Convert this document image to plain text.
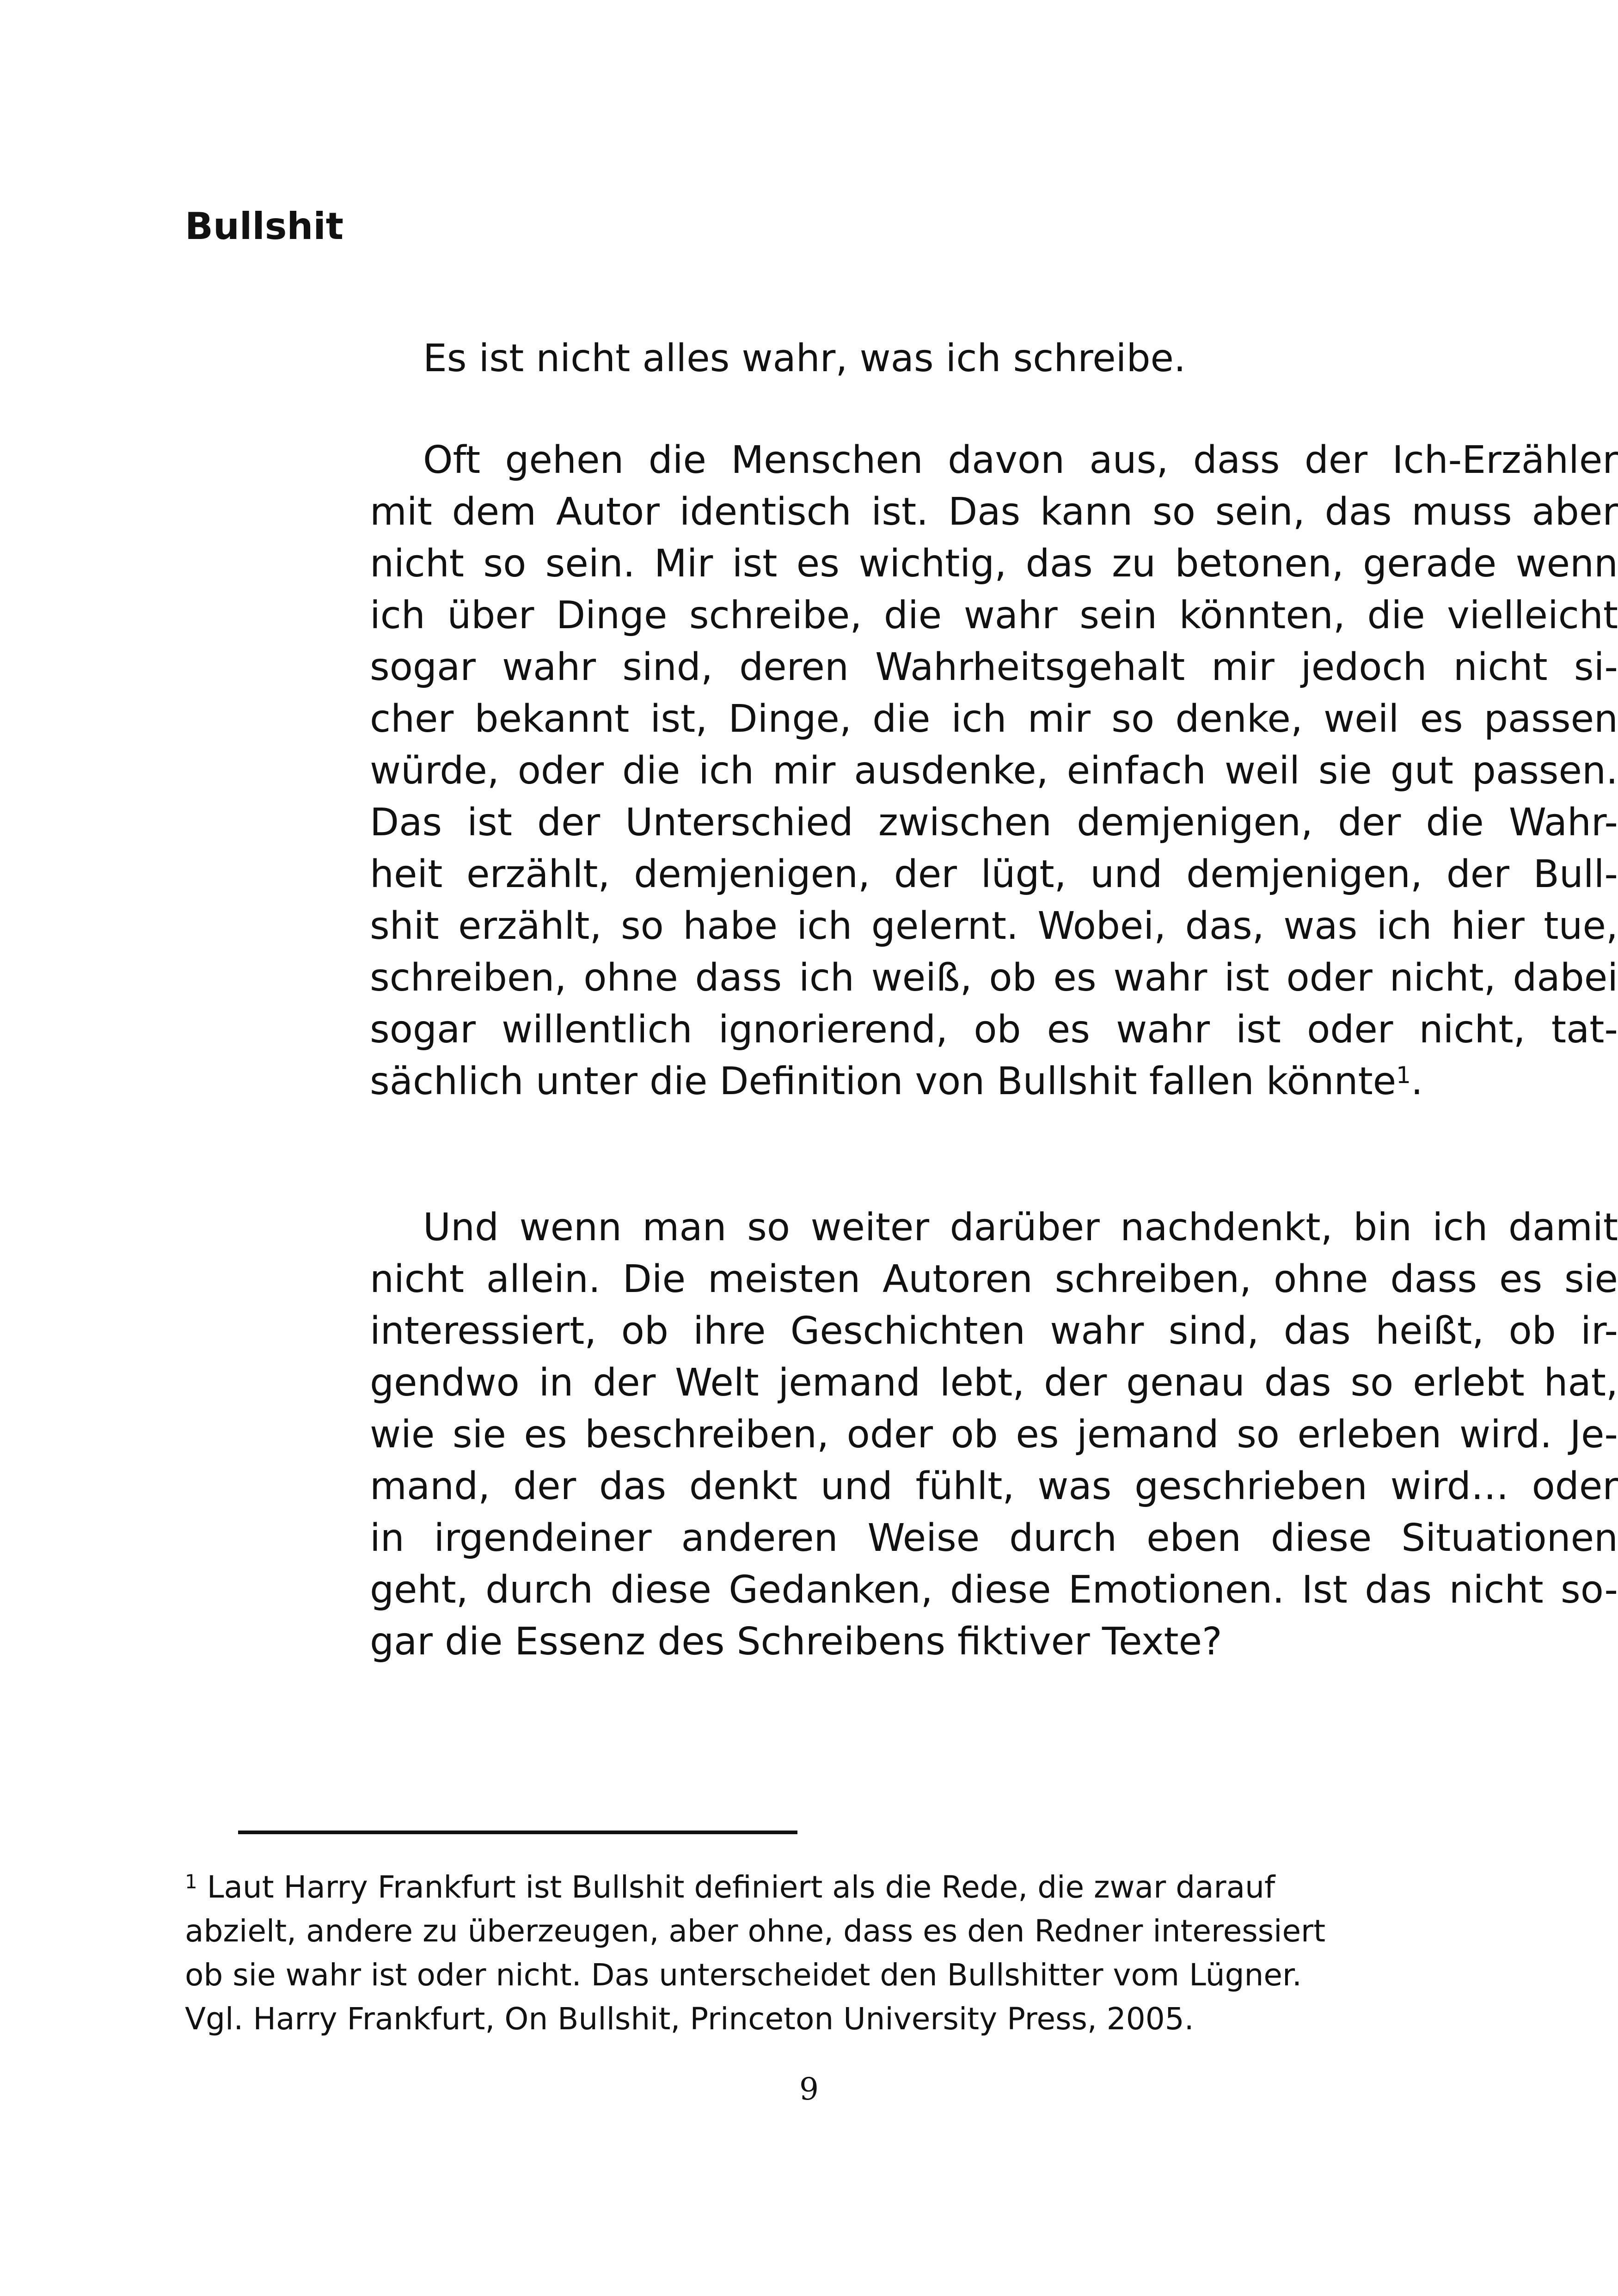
Bullshit

Es ist nicht alles wahr, was ich schreibe.

Oft gehen die Menschen davon aus, dass der Ich-Erzähler
mit dem Autor identisch ist. Das kann so sein, das muss aber
nicht so sein. Mir ist es wichtig, das zu betonen, gerade wenn
ich über Dinge schreibe, die wahr sein könnten, die vielleicht
sogar wahr sind, deren Wahrheitsgehalt mir jedoch nicht si-
cher bekannt ist, Dinge, die ich mir so denke, weil es passen
würde, oder die ich mir ausdenke, einfach weil sie gut passen.
Das ist der Unterschied zwischen demjenigen, der die Wahr-
heit erzählt, demjenigen, der lügt, und demjenigen, der Bull-
shit erzählt, so habe ich gelernt. Wobei, das, was ich hier tue,
schreiben, ohne dass ich weiß, ob es wahr ist oder nicht, dabei
sogar willentlich ignorierend, ob es wahr ist oder nicht, tat-
sächlich unter die Definition von Bullshit fallen könnte$^1$.

Und wenn man so weiter darüber nachdenkt, bin ich damit
nicht allein. Die meisten Autoren schreiben, ohne dass es sie
interessiert, ob ihre Geschichten wahr sind, das heißt, ob ir-
gendwo in der Welt jemand lebt, der genau das so erlebt hat,
wie sie es beschreiben, oder ob es jemand so erleben wird. Je-
mand, der das denkt und fühlt, was geschrieben wird… oder
in irgendeiner anderen Weise durch eben diese Situationen
geht, durch diese Gedanken, diese Emotionen. Ist das nicht so-
gar die Essenz des Schreibens fiktiver Texte?

$^1$ Laut Harry Frankfurt ist Bullshit definiert als die Rede, die zwar darauf
abzielt, andere zu überzeugen, aber ohne, dass es den Redner interessiert
ob sie wahr ist oder nicht. Das unterscheidet den Bullshitter vom Lügner.
Vgl. Harry Frankfurt, On Bullshit, Princeton University Press, 2005.
9
